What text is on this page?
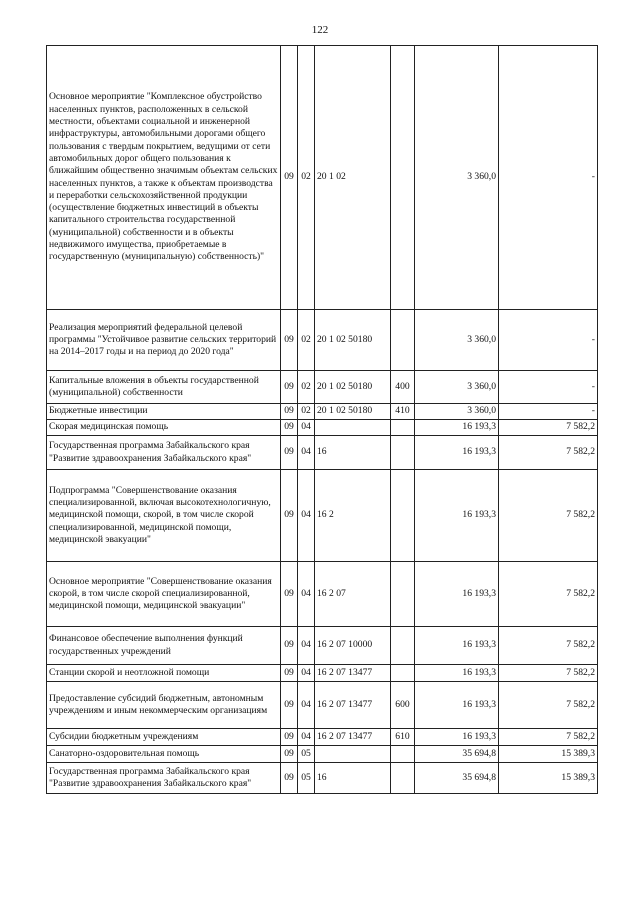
122
Основное мероприятие "Комплексное обустройство населенных пунктов, расположенных в сельской местности, объектами социальной и инженерной инфраструктуры, автомобильными дорогами общего пользования с твердым покрытием, ведущими от сети автомобильных дорог общего пользования к ближайшим общественно значимым объектам сельских населенных пунктов, а также к объектам производства и переработки сельскохозяйственной продукции (осуществление бюджетных инвестиций в объекты капитального строительства государственной (муниципальной) собственности и в объекты недвижимого имущества, приобретаемые в государственную (муниципальную) собственность)"	09	02	20 1 02		3 360,0	-
Реализация мероприятий федеральной целевой программы "Устойчивое развитие сельских территорий на 2014–2017 годы и на период до 2020 года"	09	02	20 1 02 50180		3 360,0	-
Капитальные вложения в объекты государственной (муниципальной) собственности	09	02	20 1 02 50180	400	3 360,0	-
Бюджетные инвестиции	09	02	20 1 02 50180	410	3 360,0	-
Скорая медицинская помощь	09	04			16 193,3	7 582,2
Государственная программа Забайкальского края "Развитие здравоохранения Забайкальского края"	09	04	16		16 193,3	7 582,2
Подпрограмма "Совершенствование оказания специализированной, включая высокотехнологичную, медицинской помощи, скорой, в том числе скорой специализированной, медицинской помощи, медицинской эвакуации"	09	04	16 2		16 193,3	7 582,2
Основное мероприятие "Совершенствование оказания скорой, в том числе скорой специализированной, медицинской помощи, медицинской эвакуации"	09	04	16 2 07		16 193,3	7 582,2
Финансовое обеспечение выполнения функций государственных учреждений	09	04	16 2 07 10000		16 193,3	7 582,2
Станции скорой и неотложной помощи	09	04	16 2 07 13477		16 193,3	7 582,2
Предоставление субсидий бюджетным, автономным учреждениям и иным некоммерческим организациям	09	04	16 2 07 13477	600	16 193,3	7 582,2
Субсидии бюджетным учреждениям	09	04	16 2 07 13477	610	16 193,3	7 582,2
Санаторно-оздоровительная помощь	09	05			35 694,8	15 389,3
Государственная программа Забайкальского края "Развитие здравоохранения Забайкальского края"	09	05	16		35 694,8	15 389,3
